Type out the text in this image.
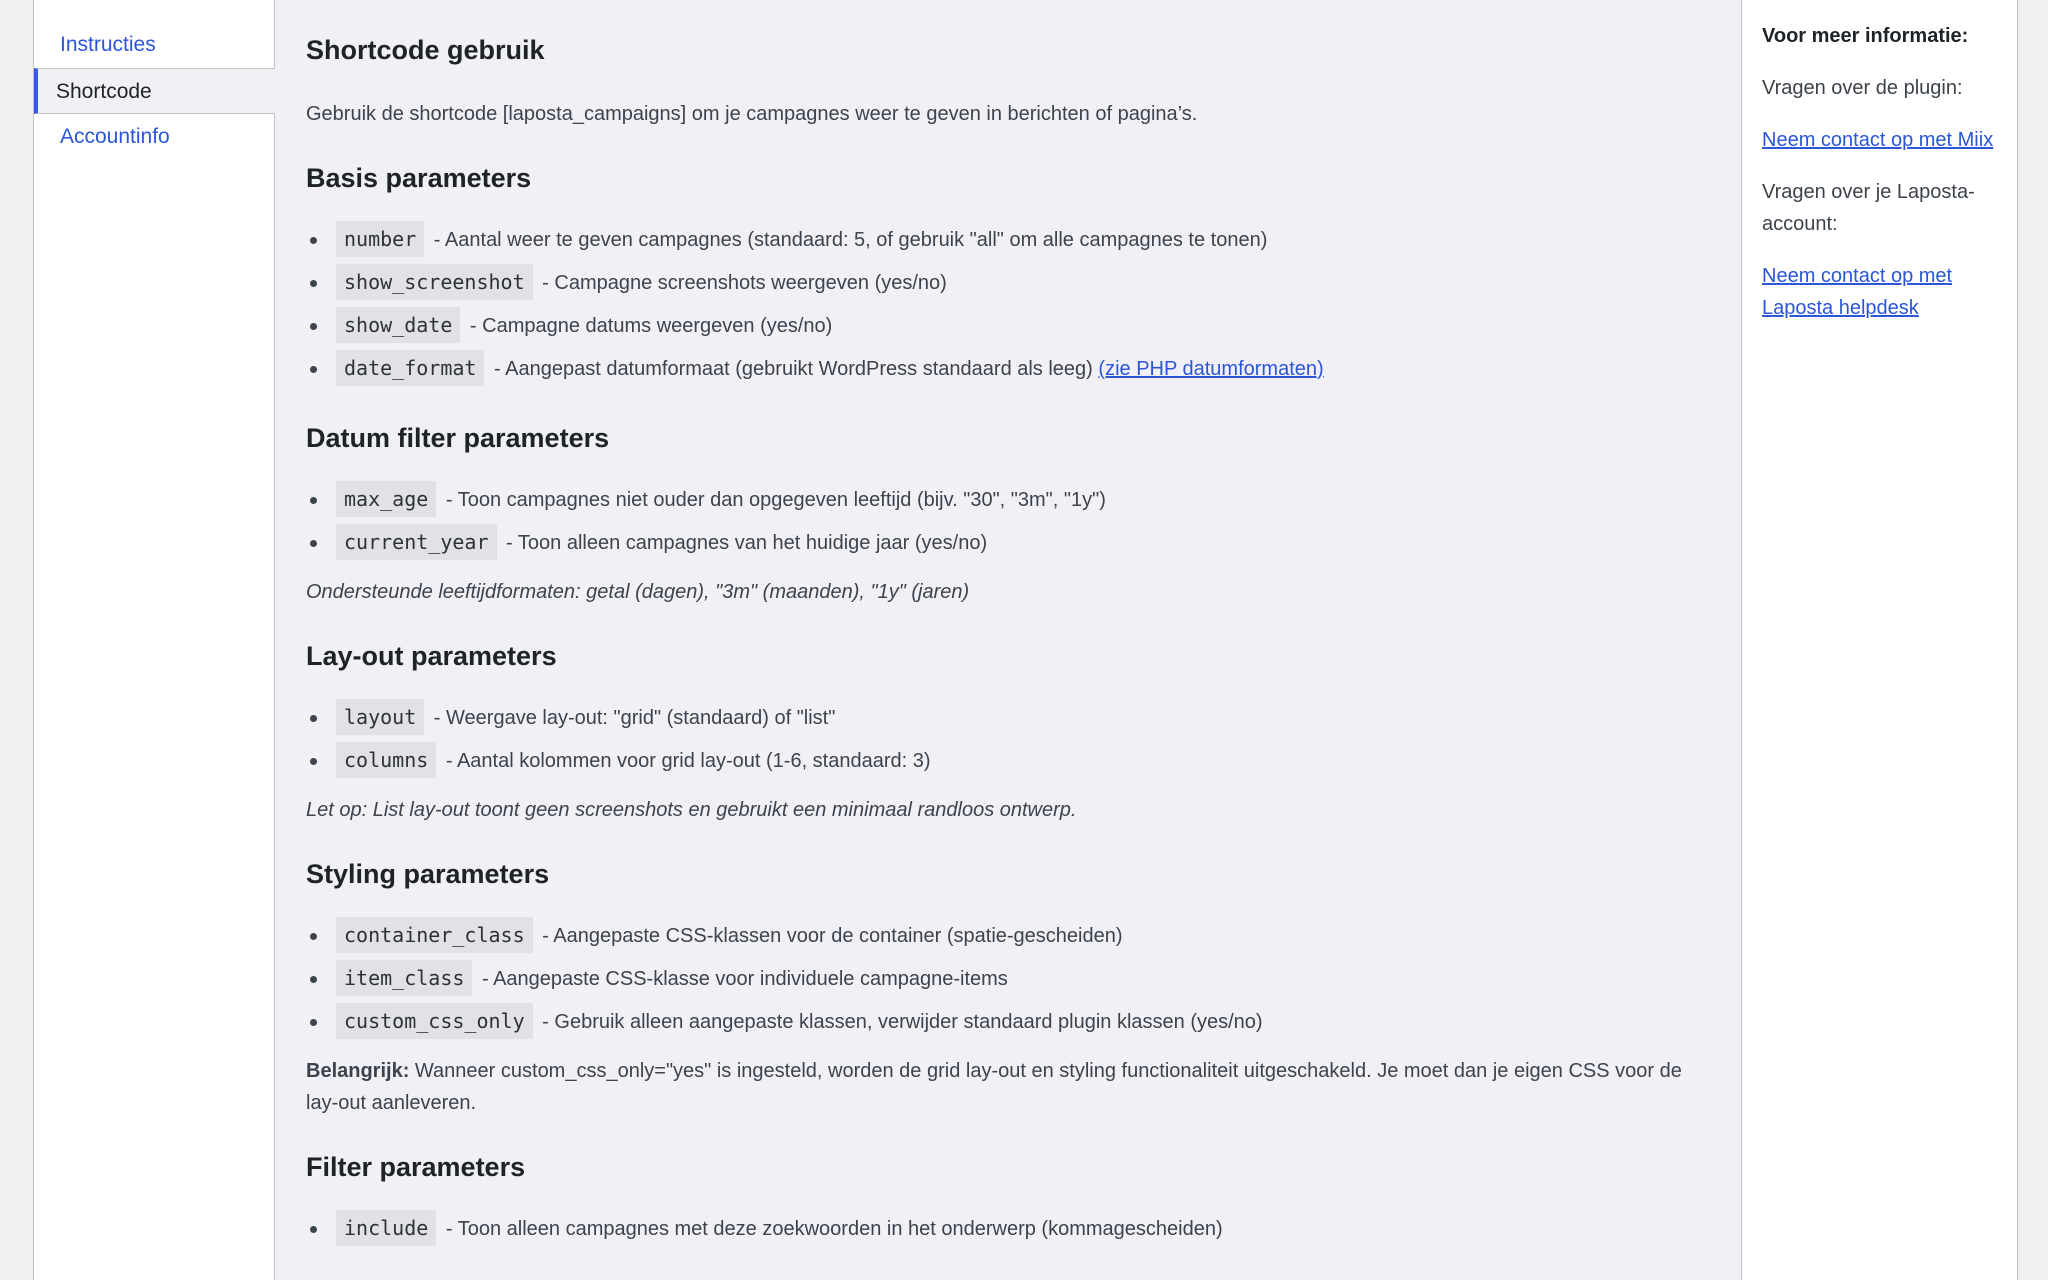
Instructies
Shortcode
Accountinfo
Shortcode gebruik

Gebruik de shortcode [laposta_campaigns] om je campagnes weer te geven in berichten of pagina’s.

Basis parameters
number - Aantal weer te geven campagnes (standaard: 5, of gebruik "all" om alle campagnes te tonen)
show_screenshot - Campagne screenshots weergeven (yes/no)
show_date - Campagne datums weergeven (yes/no)
date_format - Aangepast datumformaat (gebruikt WordPress standaard als leeg) (zie PHP datumformaten)
Datum filter parameters
max_age - Toon campagnes niet ouder dan opgegeven leeftijd (bijv. "30", "3m", "1y")
current_year - Toon alleen campagnes van het huidige jaar (yes/no)

Ondersteunde leeftijdformaten: getal (dagen), "3m" (maanden), "1y" (jaren)

Lay-out parameters
layout - Weergave lay-out: "grid" (standaard) of "list"
columns - Aantal kolommen voor grid lay-out (1-6, standaard: 3)

Let op: List lay-out toont geen screenshots en gebruikt een minimaal randloos ontwerp.

Styling parameters
container_class - Aangepaste CSS-klassen voor de container (spatie-gescheiden)
item_class - Aangepaste CSS-klasse voor individuele campagne-items
custom_css_only - Gebruik alleen aangepaste klassen, verwijder standaard plugin klassen (yes/no)

Belangrijk: Wanneer custom_css_only="yes" is ingesteld, worden de grid lay-out en styling functionaliteit uitgeschakeld. Je moet dan je eigen CSS voor de lay-out aanleveren.

Filter parameters
include - Toon alleen campagnes met deze zoekwoorden in het onderwerp (kommagescheiden)
Voor meer informatie:

Vragen over de plugin:

Neem contact op met Miix

Vragen over je Laposta-account:

Neem contact op met Laposta helpdesk
